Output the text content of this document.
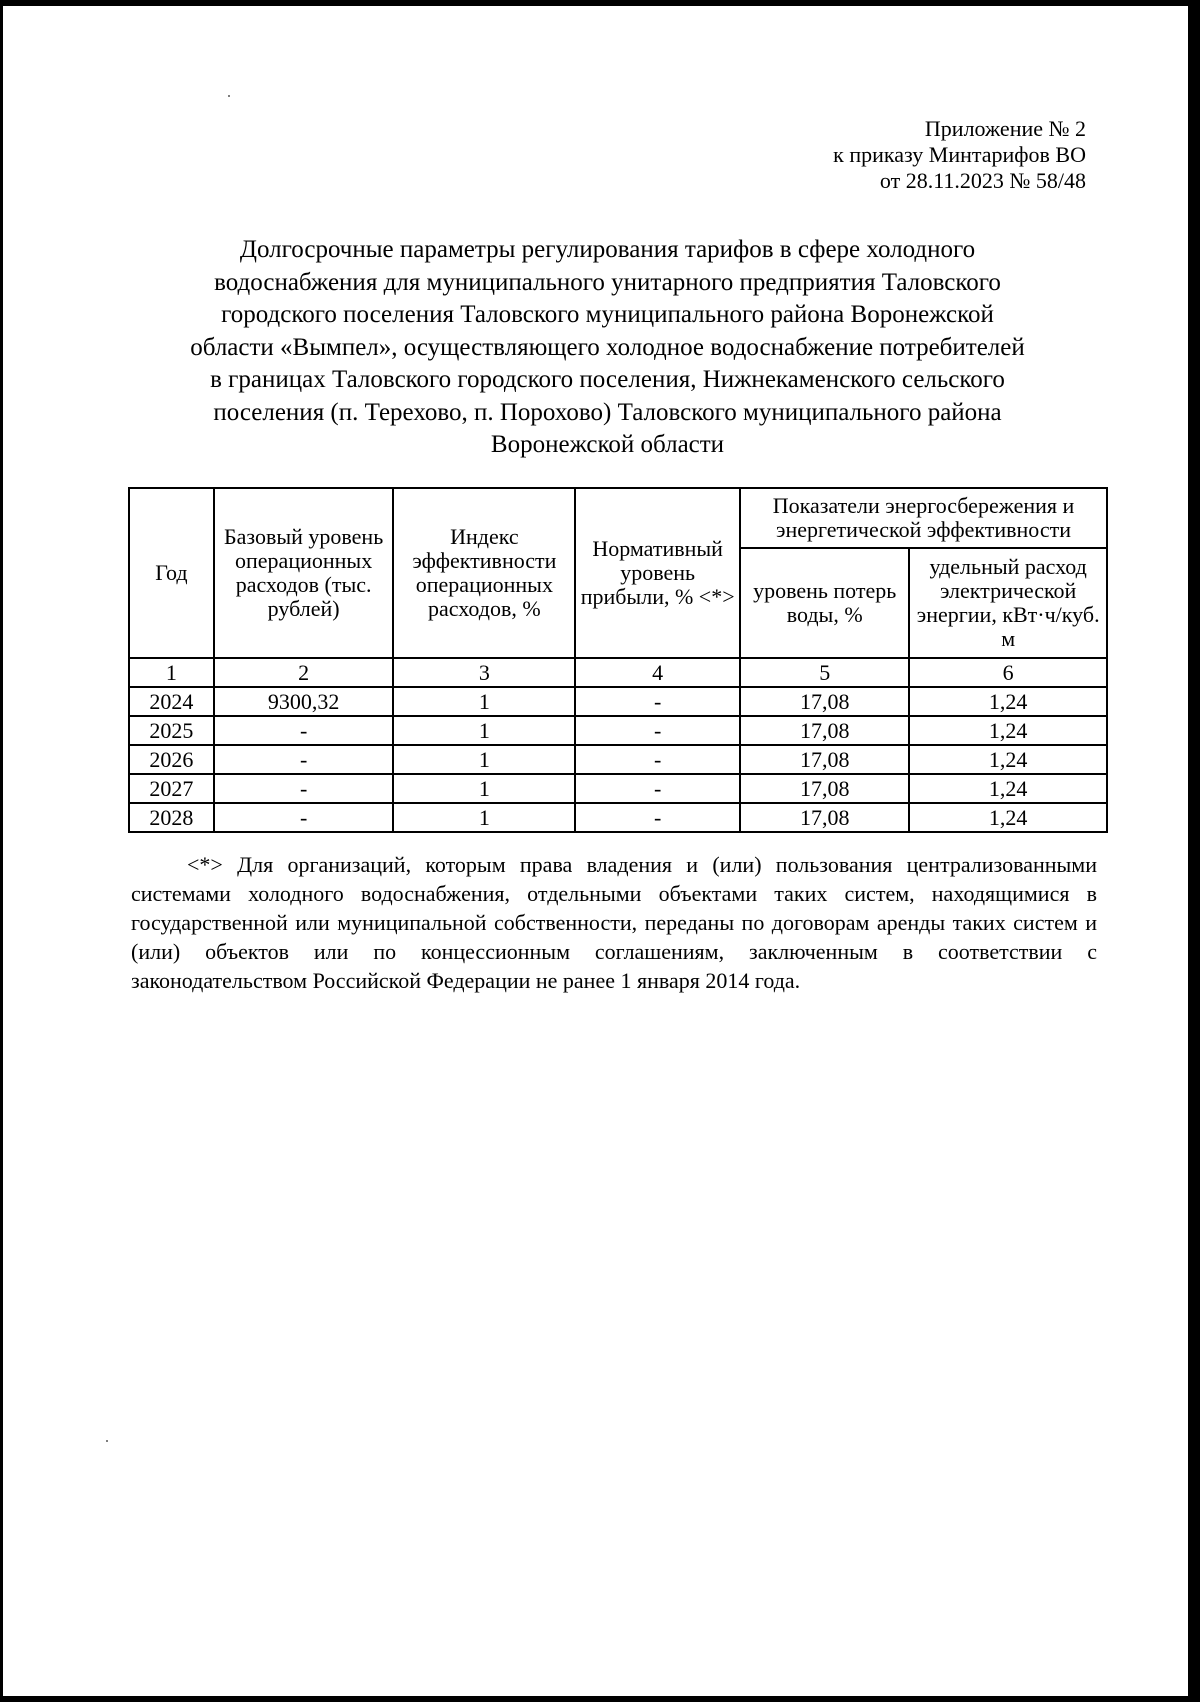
Приложение № 2
к приказу Минтарифов ВО
от 28.11.2023 № 58/48
Долгосрочные параметры регулирования тарифов в сфере холодного
водоснабжения для муниципального унитарного предприятия Таловского
городского поселения Таловского муниципального района Воронежской
области «Вымпел», осуществляющего холодное водоснабжение потребителей
в границах Таловского городского поселения, Нижнекаменского сельского
поселения (п. Терехово, п. Порохово) Таловского муниципального района
Воронежской области
Год	Базовый уровень операционных расходов (тыс. рублей)	Индекс эффективности операционных расходов, %	Нормативный уровень прибыли, % <*>	Показатели энергосбережения и энергетической эффективности	
				уровень потерь воды, %	удельный расход электрической энергии, кВт·ч/куб. м
1	2	3	4	5	6
2024	9300,32	1	-	17,08	1,24
2025	-	1	-	17,08	1,24
2026	-	1	-	17,08	1,24
2027	-	1	-	17,08	1,24
2028	-	1	-	17,08	1,24
<*> Для организаций, которым права владения и (или) пользования централизованными системами холодного водоснабжения, отдельными объектами таких систем, находящимися в государственной или муниципальной собственности, переданы по договорам аренды таких систем и (или) объектов или по концессионным соглашениям, заключенным в соответствии с законодательством Российской Федерации не ранее 1 января 2014 года.
